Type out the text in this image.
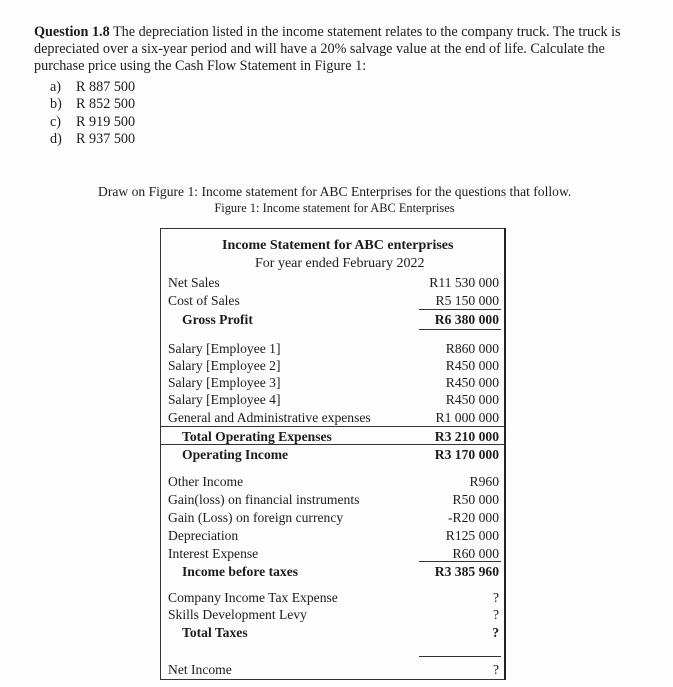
Question 1.8 The depreciation listed in the income statement relates to the company truck. The truck is depreciated over a six-year period and will have a 20% salvage value at the end of life. Calculate the purchase price using the Cash Flow Statement in Figure 1:
a) R 887 500
b) R 852 500
c) R 919 500
d) R 937 500
Draw on Figure 1: Income statement for ABC Enterprises for the questions that follow.
Figure 1: Income statement for ABC Enterprises
Income Statement for ABC enterprises
For year ended February 2022
Net Sales	R11 530 000
Cost of Sales	R5 150 000
Gross Profit	R6 380 000
Salary [Employee 1]	R860 000
Salary [Employee 2]	R450 000
Salary [Employee 3]	R450 000
Salary [Employee 4]	R450 000
General and Administrative expenses	R1 000 000
Total Operating Expenses	R3 210 000
Operating Income	R3 170 000
Other Income	R960
Gain(loss) on financial instruments	R50 000
Gain (Loss) on foreign currency	-R20 000
Depreciation	R125 000
Interest Expense	R60 000
Income before taxes	R3 385 960
Company Income Tax Expense	?
Skills Development Levy	?
Total Taxes	?
Net Income	?
